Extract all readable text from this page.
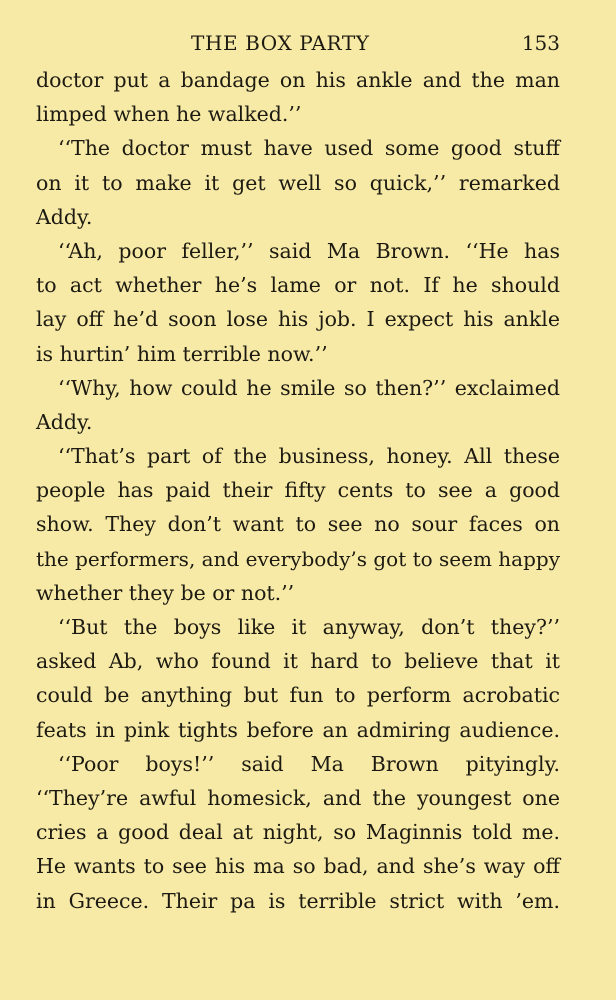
THE BOX PARTY	153
doctor put a bandage on his ankle and the man
limped when he walked.’’
‘‘The doctor must have used some good stuff
on it to make it get well so quick,’’ remarked
Addy.
‘‘Ah, poor feller,’’ said Ma Brown. ‘‘He has
to act whether he’s lame or not. If he should
lay off he’d soon lose his job. I expect his ankle
is hurtin’ him terrible now.’’
‘‘Why, how could he smile so then?’’ exclaimed
Addy.
‘‘That’s part of the business, honey. All these
people has paid their fifty cents to see a good
show. They don’t want to see no sour faces on
the performers, and everybody’s got to seem happy
whether they be or not.’’
‘‘But the boys like it anyway, don’t they?’’
asked Ab, who found it hard to believe that it
could be anything but fun to perform acrobatic
feats in pink tights before an admiring audience.
‘‘Poor boys!’’ said Ma Brown pityingly.
‘‘They’re awful homesick, and the youngest one
cries a good deal at night, so Maginnis told me.
He wants to see his ma so bad, and she’s way off
in Greece. Their pa is terrible strict with ’em.
